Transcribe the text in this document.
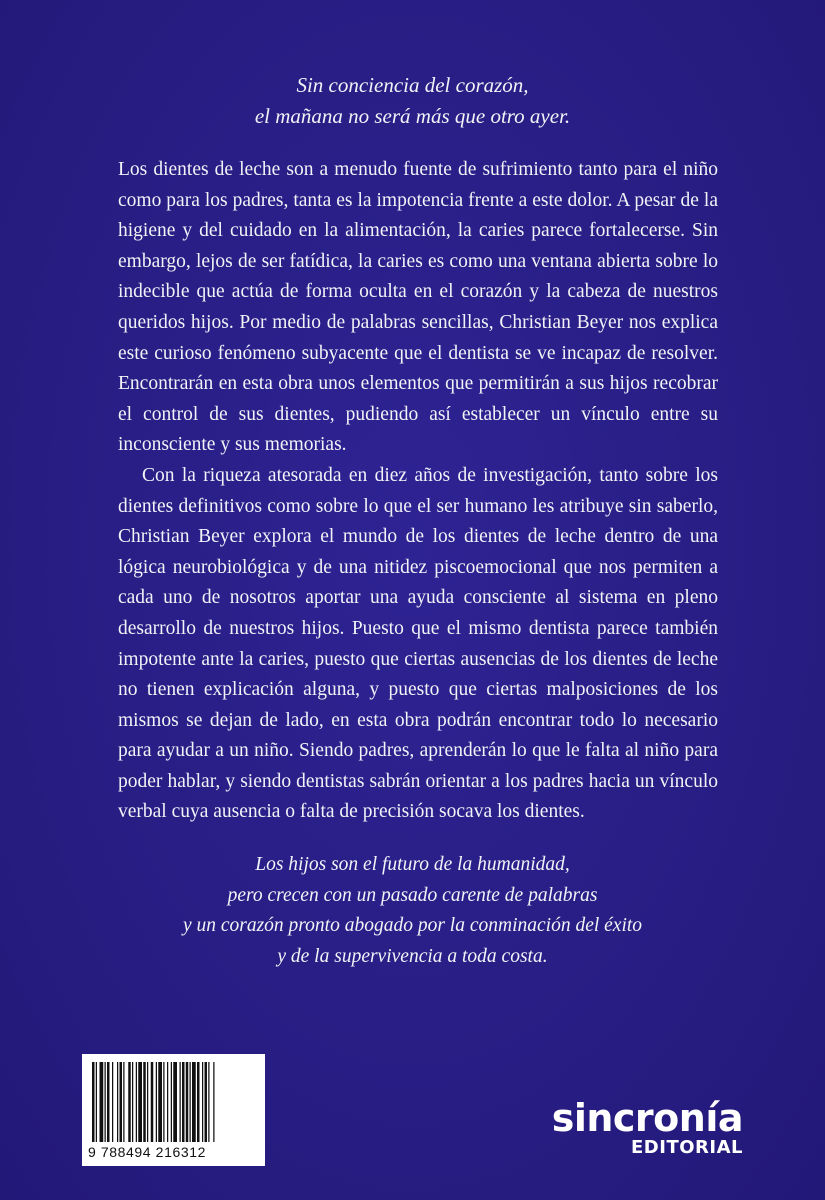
Sin conciencia del corazón,
el mañana no será más que otro ayer.

Los dientes de leche son a menudo fuente de sufrimiento tanto para el niño como para los padres, tanta es la impotencia frente a este dolor. A pesar de la higiene y del cuidado en la alimentación, la caries parece fortalecerse. Sin embargo, lejos de ser fatídica, la caries es como una ventana abierta sobre lo indecible que actúa de forma oculta en el corazón y la cabeza de nuestros queridos hijos. Por medio de palabras sencillas, Christian Beyer nos explica este curioso fenómeno subyacente que el dentista se ve incapaz de resolver. Encontrarán en esta obra unos elementos que permitirán a sus hijos recobrar el control de sus dientes, pudiendo así establecer un vínculo entre su inconsciente y sus memorias.

Con la riqueza atesorada en diez años de investigación, tanto sobre los dientes definitivos como sobre lo que el ser humano les atribuye sin saberlo, Christian Beyer explora el mundo de los dientes de leche dentro de una lógica neurobiológica y de una nitidez piscoemocional que nos permiten a cada uno de nosotros aportar una ayuda consciente al sistema en pleno desarrollo de nuestros hijos. Puesto que el mismo dentista parece también impotente ante la caries, puesto que ciertas ausencias de los dientes de leche no tienen explicación alguna, y puesto que ciertas malposiciones de los mismos se dejan de lado, en esta obra podrán encontrar todo lo necesario para ayudar a un niño. Siendo padres, aprenderán lo que le falta al niño para poder hablar, y siendo dentistas sabrán orientar a los padres hacia un vínculo verbal cuya ausencia o falta de precisión socava los dientes.

Los hijos son el futuro de la humanidad,
pero crecen con un pasado carente de palabras
y un corazón pronto abogado por la conminación del éxito
y de la supervivencia a toda costa.
9 788494 216312
sincronía
EDITORIAL
